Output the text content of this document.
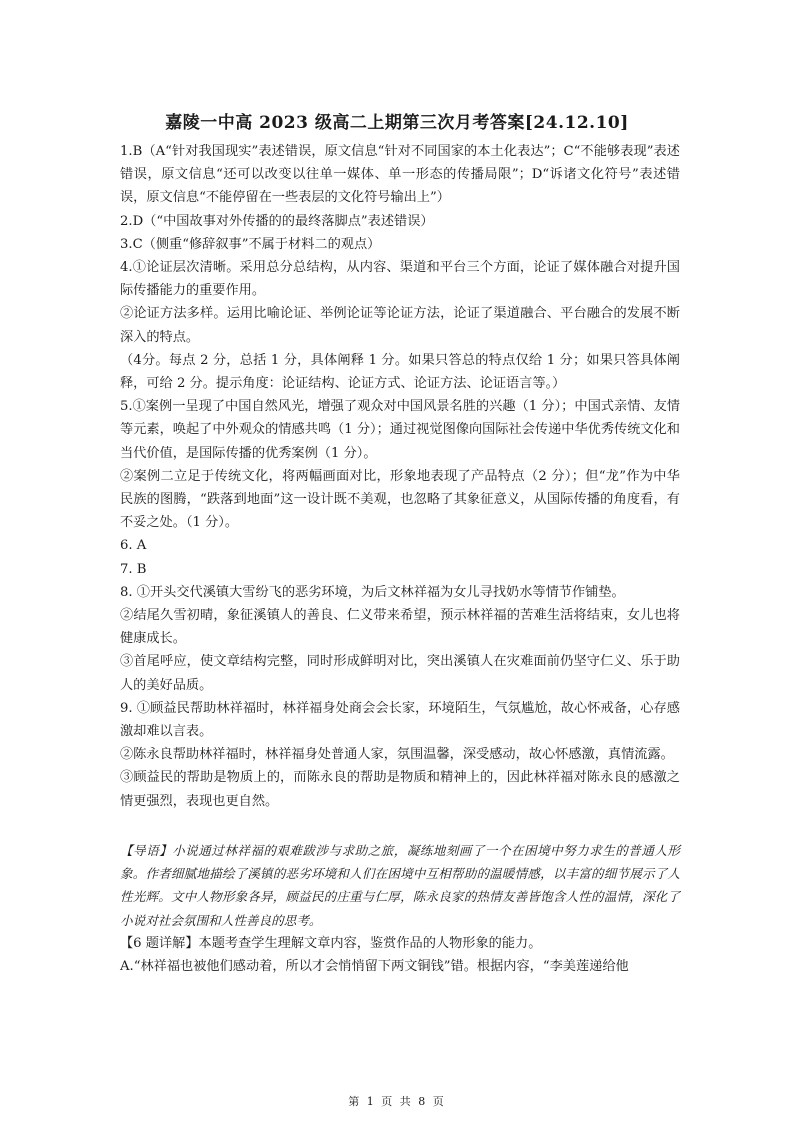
嘉陵一中高 2023 级高二上期第三次月考答案[24.12.10]

1.B（A“针对我国现实”表述错误，原文信息“针对不同国家的本土化表达”；C“不能够表现”表述错误，原文信息“还可以改变以往单一媒体、单一形态的传播局限”；D“诉诸文化符号”表述错误，原文信息“不能停留在一些表层的文化符号输出上”）

2.D（“中国故事对外传播的的最终落脚点”表述错误）

3.C（侧重“修辞叙事”不属于材料二的观点）

4.①论证层次清晰。采用总分总结构，从内容、渠道和平台三个方面，论证了媒体融合对提升国际传播能力的重要作用。

②论证方法多样。运用比喻论证、举例论证等论证方法，论证了渠道融合、平台融合的发展不断深入的特点。

（4分。每点 2 分，总括 1 分，具体阐释 1 分。如果只答总的特点仅给 1 分；如果只答具体阐释，可给 2 分。提示角度：论证结构、论证方式、论证方法、论证语言等。）

5.①案例一呈现了中国自然风光，增强了观众对中国风景名胜的兴趣（1 分）；中国式亲情、友情等元素，唤起了中外观众的情感共鸣（1 分）；通过视觉图像向国际社会传递中华优秀传统文化和当代价值，是国际传播的优秀案例（1 分）。

②案例二立足于传统文化，将两幅画面对比，形象地表现了产品特点（2 分）；但“龙”作为中华民族的图腾，“跌落到地面”这一设计既不美观，也忽略了其象征意义，从国际传播的角度看，有不妥之处。（1 分）。

6. A

7. B

8. ①开头交代溪镇大雪纷飞的恶劣环境，为后文林祥福为女儿寻找奶水等情节作铺垫。

②结尾久雪初晴，象征溪镇人的善良、仁义带来希望，预示林祥福的苦难生活将结束，女儿也将健康成长。

③首尾呼应，使文章结构完整，同时形成鲜明对比，突出溪镇人在灾难面前仍坚守仁义、乐于助人的美好品质。

9. ①顾益民帮助林祥福时，林祥福身处商会会长家，环境陌生，气氛尴尬，故心怀戒备，心存感激却难以言表。

②陈永良帮助林祥福时，林祥福身处普通人家，氛围温馨，深受感动，故心怀感激，真情流露。

③顾益民的帮助是物质上的，而陈永良的帮助是物质和精神上的，因此林祥福对陈永良的感激之情更强烈，表现也更自然。

【导语】小说通过林祥福的艰难跋涉与求助之旅，凝练地刻画了一个在困境中努力求生的普通人形象。作者细腻地描绘了溪镇的恶劣环境和人们在困境中互相帮助的温暖情感，以丰富的细节展示了人性光辉。文中人物形象各异，顾益民的庄重与仁厚，陈永良家的热情友善皆饱含人性的温情，深化了小说对社会氛围和人性善良的思考。

【6 题详解】本题考查学生理解文章内容，鉴赏作品的人物形象的能力。

A.“林祥福也被他们感动着，所以才会悄悄留下两文铜钱”错。根据内容，“李美莲递给他

第 1 页 共 8 页
